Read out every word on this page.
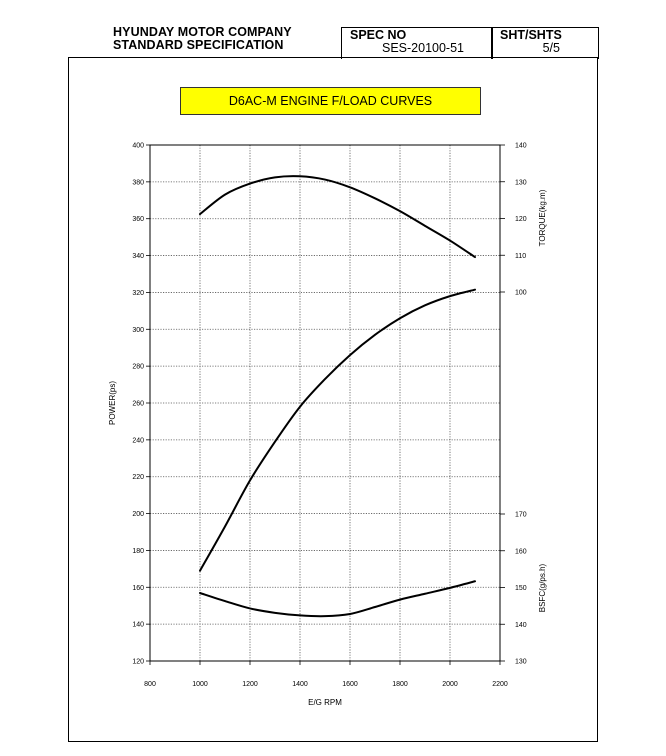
HYUNDAY MOTOR COMPANY
STANDARD SPECIFICATION
SPEC NO
SES-20100-51
SHT/SHTS
5/5
D6AC-M ENGINE F/LOAD CURVES
120
140
160
180
200
220
240
260
280
300
320
340
360
380
400
800	1000	1200	1400	1600	1800	2000	2200
100
110
120
130
140
130
140
150
160
170
E/G RPM
POWER(ps)
TORQUE(kg.m)
BSFC(g/ps.h)
